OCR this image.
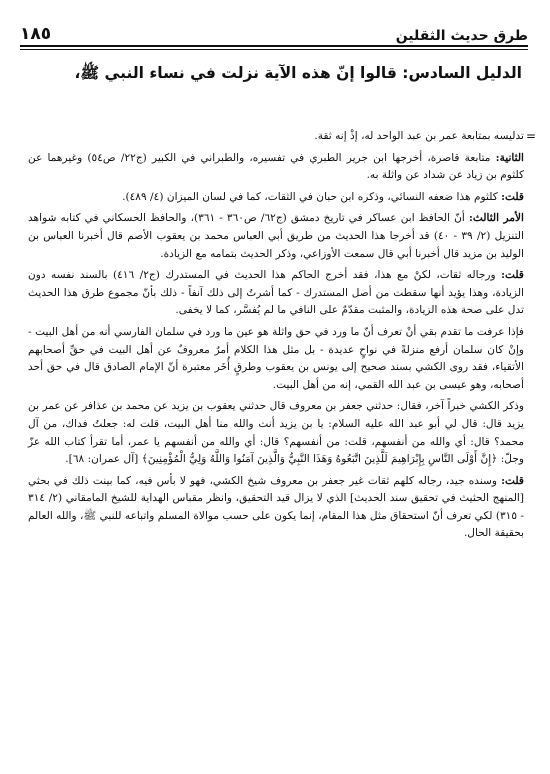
طرق حديث الثقلين
١٨٥
الدليل السادس: قالوا إنّ هذه الآية نزلت في نساء النبي ﷺ،

=
تدليسه بمتابعة عمر بن عبد الواحد له، إذْ إنه ثقة.

الثانية: متابعة قاصرة، أخرجها ابن جرير الطبري في تفسيره، والطبراني في الكبير (ج٢٢/ ص٥٤) وغيرهما عن كلثوم بن زياد عن شداد عن واثلة به.

قلت: كلثوم هذا ضعفه النسائي، وذكره ابن حبان في الثقات، كما في لسان الميزان (٤/ ٤٨٩).

الأمر الثالث: أنّ الحافظ ابن عساكر في تاريخ دمشق (ج٦٢/ ص٣٦٠ - ٣٦١)، والحافظ الحسكاني في كتابه شواهد التنزيل (٢/ ٣٩ - ٤٠) قد أخرجا هذا الحديث من طريق أبي العباس محمد بن يعقوب الأصم قال أخبرنا العباس بن الوليد بن مزيد قال أخبرنا أبي قال سمعت الأوزاعي، وذكر الحديث بتمامه مع الزيادة.

قلت: ورجاله ثقات، لكنْ مع هذا، فقد أخرج الحاكم هذا الحديث في المستدرك (ج٢/ ٤١٦) بالسند نفسه دون الزيادة، وهذا يؤيد أنها سقطت من أصل المستدرك - كما أشرتُ إلى ذلك آنفاً - ذلك بأنّ مجموع طرق هذا الحديث تدل على صحة هذه الزيادة، والمثبت مقدّمٌ على النافي ما لم يُفسَّر، كما لا يخفى.

فإذا عرفت ما تقدم بقي أنْ تعرف أنّ ما ورد في حق واثلة هو عين ما ورد في سلمان الفارسي أنه من أهل البيت - وإنْ كان سلمان أرفع منزلةً في نواحٍ عديدة - بل مثل هذا الكلام أمرٌ معروفٌ عن أهل البيت في حقِّ أصحابهم الأتقياء، فقد روى الكشي بسند صحيح إلى يونس بن يعقوب وطرقٍ أُخَر معتبرة أنّ الإمام الصادق قال في حق أحد أصحابه، وهو عيسى بن عبد الله القمي، إنه من أهل البيت.

وذكر الكشي خبراً آخر، فقال: حدثني جعفر بن معروف قال حدثني يعقوب بن يزيد عن محمد بن عذافر عن عمر بن يزيد قال: قال لي أبو عبد الله عليه السلام: يا بن يزيد أنت والله منا أهل البيت، قلت له: جعلتُ فداك، من آل محمد؟ قال: أي والله من أنفسهم، قلت: من أنفسهم؟ قال: أي والله من أنفسهم يا عمر، أما تقرأ كتاب الله عزّ وجلّ: ﴿إِنَّ أَوْلَى النَّاسِ بِإِبْرَاهِيمَ لَلَّذِينَ اتَّبَعُوهُ وَهَذَا النَّبِيُّ وَالَّذِينَ آمَنُوا وَاللَّهُ وَلِيُّ الْمُؤْمِنِينَ﴾ [آل عمران: ٦٨].

قلت: وسنده جيد، رجاله كلهم ثقات غير جعفر بن معروف شيخ الكشي، فهو لا بأس فيه، كما بينت ذلك في بحثي [المنهج الحثيث في تحقيق سند الحديث] الذي لا يزال قيد التحقيق، وانظر مقباس الهداية للشيخ المامقاني (٢/ ٣١٤ - ٣١٥) لكي تعرف أنّ استحقاق مثل هذا المقام، إنما يكون على حسب موالاة المسلم واتباعه للنبي ﷺ، والله العالم بحقيقة الحال.
